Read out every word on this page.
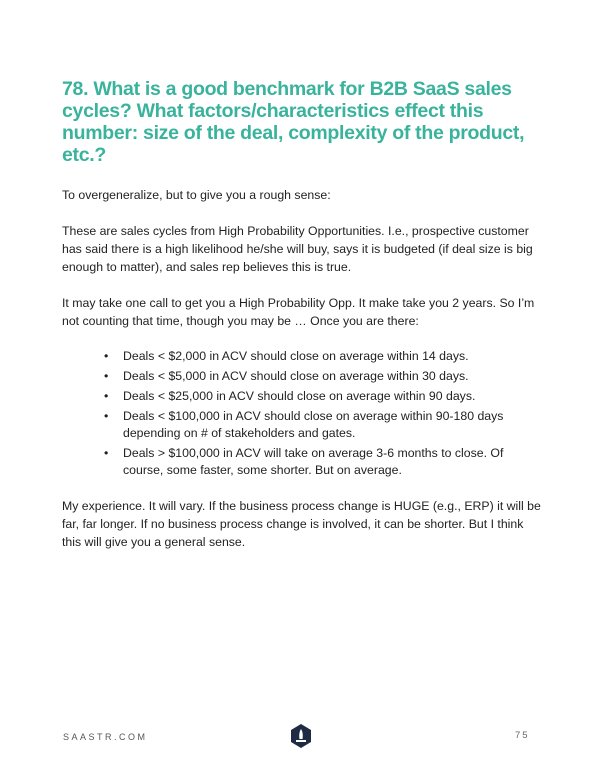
78. What is a good benchmark for B2B SaaS sales cycles? What factors/characteristics effect this number: size of the deal, complexity of the product, etc.?

To overgeneralize, but to give you a rough sense:

These are sales cycles from High Probability Opportunities. I.e., prospective customer has said there is a high likelihood he/she will buy, says it is budgeted (if deal size is big enough to matter), and sales rep believes this is true.

It may take one call to get you a High Probability Opp. It make take you 2 years. So I’m not counting that time, though you may be … Once you are there:

• Deals < $2,000 in ACV should close on average within 14 days.
• Deals < $5,000 in ACV should close on average within 30 days.
• Deals < $25,000 in ACV should close on average within 90 days.
• Deals < $100,000 in ACV should close on average within 90-180 days depending on # of stakeholders and gates.
• Deals > $100,000 in ACV will take on average 3-6 months to close. Of course, some faster, some shorter. But on average.

My experience. It will vary. If the business process change is HUGE (e.g., ERP) it will be far, far longer. If no business process change is involved, it can be shorter. But I think this will give you a general sense.

SAASTR.COM	75
